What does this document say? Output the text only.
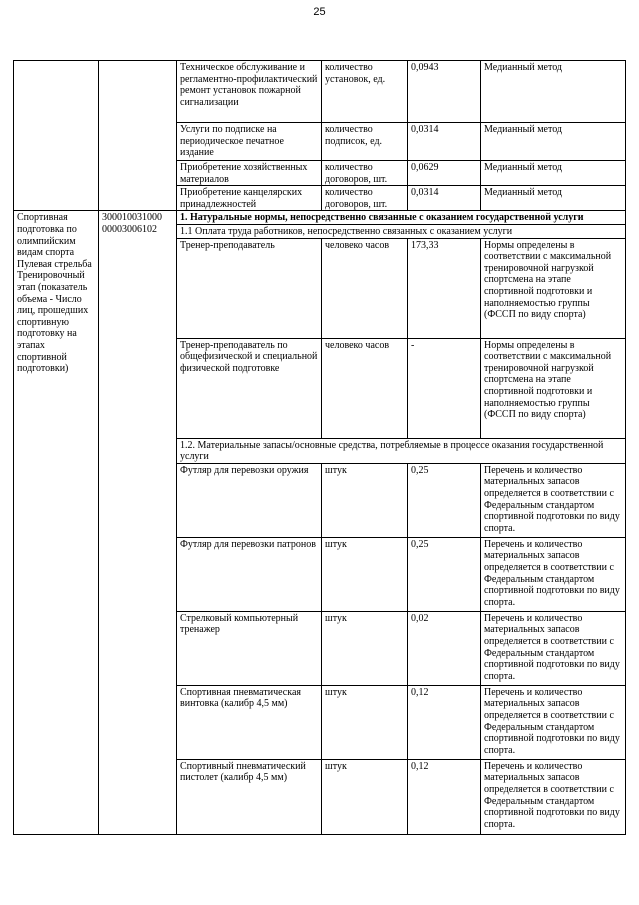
25
		Техническое обслуживание и регламентно-профилактический ремонт установок пожарной сигнализации	количество установок, ед.	0,0943	Медианный метод
		Услуги по подписке на периодическое печатное издание	количество подписок, ед.	0,0314	Медианный метод
		Приобретение хозяйственных материалов	количество договоров, шт.	0,0629	Медианный метод
		Приобретение канцелярских принадлежностей	количество договоров, шт.	0,0314	Медианный метод
Спортивная подготовка по олимпийским видам спорта Пулевая стрельба Тренировочный этап (показатель объема - Число лиц, прошедших спортивную подготовку на этапах спортивной подготовки)	300010031000 00003006102	1. Натуральные нормы, непосредственно связанные с оказанием государственной услуги			
		1.1 Оплата труда работников, непосредственно связанных с оказанием услуги			
		Тренер-преподаватель	человеко часов	173,33	Нормы определены в соответствии с максимальной тренировочной нагрузкой спортсмена на этапе спортивной подготовки и наполняемостью группы (ФССП по виду спорта)
		Тренер-преподаватель по общефизической и специальной физической подготовке	человеко часов	-	Нормы определены в соответствии с максимальной тренировочной нагрузкой спортсмена на этапе спортивной подготовки и наполняемостью группы (ФССП по виду спорта)
		1.2. Материальные запасы/основные средства, потребляемые в процессе оказания государственной услуги			
		Футляр для перевозки оружия	штук	0,25	Перечень и количество материальных запасов определяется в соответствии с Федеральным стандартом спортивной подготовки по виду спорта.
		Футляр для перевозки патронов	штук	0,25	Перечень и количество материальных запасов определяется в соответствии с Федеральным стандартом спортивной подготовки по виду спорта.
		Стрелковый компьютерный тренажер	штук	0,02	Перечень и количество материальных запасов определяется в соответствии с Федеральным стандартом спортивной подготовки по виду спорта.
		Спортивная пневматическая винтовка (калибр 4,5 мм)	штук	0,12	Перечень и количество материальных запасов определяется в соответствии с Федеральным стандартом спортивной подготовки по виду спорта.
		Спортивный пневматический пистолет (калибр 4,5 мм)	штук	0,12	Перечень и количество материальных запасов определяется в соответствии с Федеральным стандартом спортивной подготовки по виду спорта.
